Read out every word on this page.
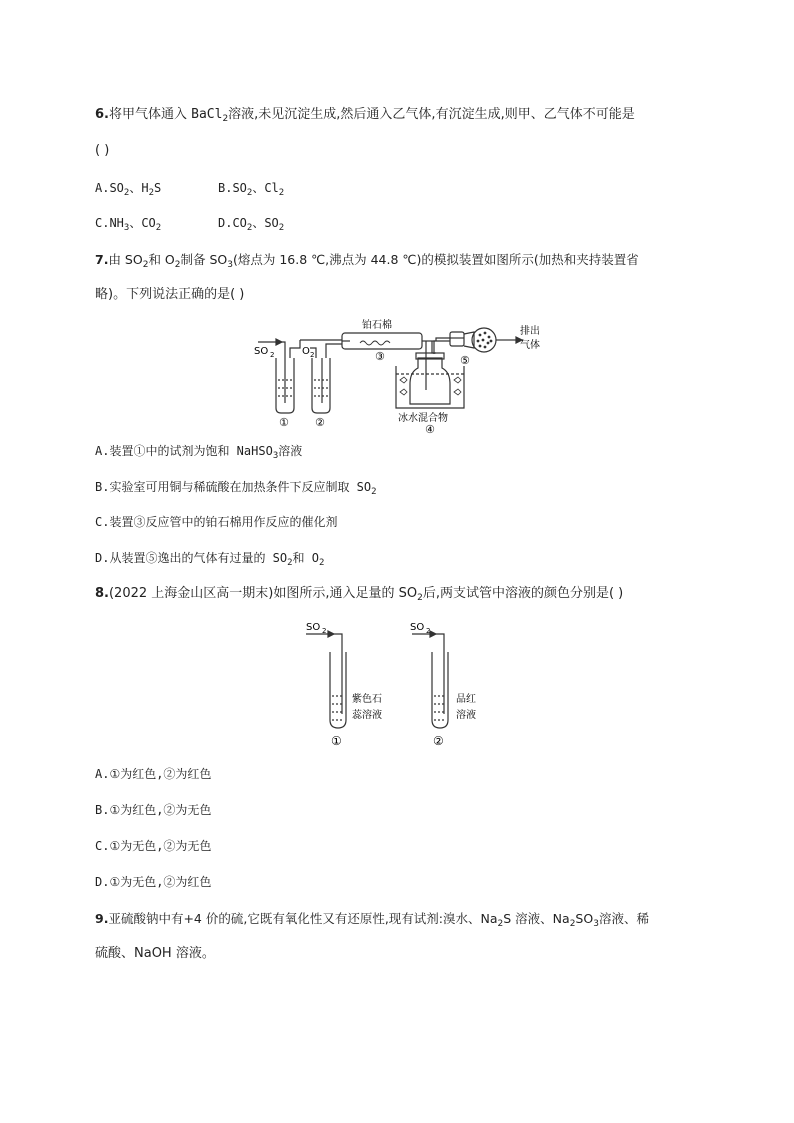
6.将甲气体通入 BaCl$_2$溶液,未见沉淀生成,然后通入乙气体,有沉淀生成,则甲、乙气体不可能是
( )
$A.SO_2$、$H_2S$	$B.SO_2$、$Cl_2$
$C.NH_3$、$CO_2$	$D.CO_2$、$SO_2$
7.由 $SO_2$和 $O_2$制备 $SO_3$(熔点为 16.8 ℃,沸点为 44.8 ℃)的模拟装置如图所示(加热和夹持装置省
略)。下列说法正确的是( )
SO 2	O 2
铂石棉
排出
气体
冰水混合物
① ②
③
④
⑤
A.装置①中的试剂为饱和 NaHSO$_3$溶液
B.实验室可用铜与稀硫酸在加热条件下反应制取 $SO_2$
C.装置③反应管中的铂石棉用作反应的催化剂
D.从装置⑤逸出的气体有过量的 $SO_2$和 $O_2$
8.(2022 上海金山区高一期末)如图所示,通入足量的 $SO_2$后,两支试管中溶液的颜色分别是( )
SO 2	SO 2
紫色石
蕊溶液
品红
溶液
①	②
A.①为红色,②为红色
B.①为红色,②为无色
C.①为无色,②为无色
D.①为无色,②为红色
9.亚硫酸钠中有+4 价的硫,它既有氧化性又有还原性,现有试剂:溴水、$Na_2S$ 溶液、$Na_2SO_3$溶液、稀
硫酸、NaOH 溶液。
